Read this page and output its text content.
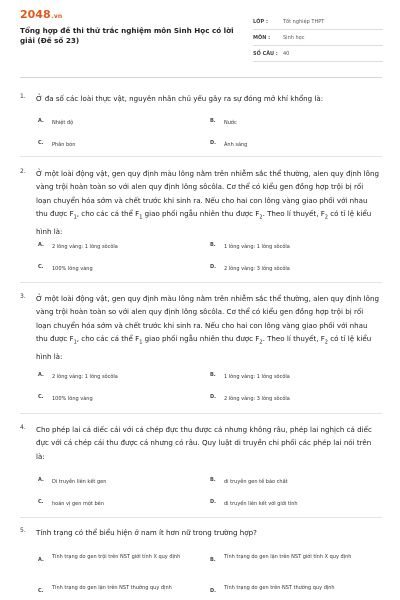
2048.vn
Tổng hợp đề thi thử trắc nghiệm môn Sinh Học có lời giải (Đề số 23)
LỚP :	Tốt nghiệp THPT
MÔN :	Sinh học
SỐ CÂU :	40
1. Ở đa số các loài thực vật, nguyên nhân chủ yếu gây ra sự đóng mở khí khổng là:
A.	Nhiệt độ	B.	Nước
C.	Phân bón	D.	Ánh sáng
2. Ở một loài động vật, gen quy định màu lông nằm trên nhiễm sắc thể thường, alen quy định lông vàng trội hoàn toàn so với alen quy định lông sôcôla. Cơ thể có kiểu gen đồng hợp trội bị rối loạn chuyển hóa sớm và chết trước khi sinh ra. Nếu cho hai con lông vàng giao phối với nhau thu được $F_1$, cho các cá thể $F_1$ giao phối ngẫu nhiên thu được $F_2$. Theo lí thuyết, $F_2$ có tỉ lệ kiểu hình là:
A.	2 lông vàng: 1 lông sôcôla	B.	1 lông vàng: 1 lông sôcôla
C.	100% lông vàng	D.	2 lông vàng: 3 lông sôcôla
3. Ở một loài động vật, gen quy định màu lông nằm trên nhiễm sắc thể thường, alen quy định lông vàng trội hoàn toàn so với alen quy định lông sôcôla. Cơ thể có kiểu gen đồng hợp trội bị rối loạn chuyển hóa sớm và chết trước khi sinh ra. Nếu cho hai con lông vàng giao phối với nhau thu được $F_1$, cho các cá thể $F_1$ giao phối ngẫu nhiên thu được $F_2$. Theo lí thuyết, $F_2$ có tỉ lệ kiểu hình là:
A.	2 lông vàng: 1 lông sôcôla	B.	1 lông vàng: 1 lông sôcôla
C.	100% lông vàng	D.	2 lông vàng: 3 lông sôcôla
4. Cho phép lai cá diếc cái với cá chép đực thu được cá nhưng không râu, phép lai nghịch cá diếc đực với cá chép cái thu được cá nhưng có râu. Quy luật di truyền chi phối các phép lai nói trên là:
A.	Di truyền liên kết gen	B.	di truyền gen tế bào chất
C.	hoán vị gen một bên	D.	di truyền liên kết với giới tính
5. Tính trạng có thể biểu hiện ở nam ít hơn nữ trong trường hợp?
A.	Tính trạng do gen trội trên NST giới tính X quy định	B.	Tính trạng do gen lặn trên NST giới tính X quy định
C.	Tính trạng do gen lặn trên NST thường quy định	D.	Tính trạng do gen trên NST thường quy định
